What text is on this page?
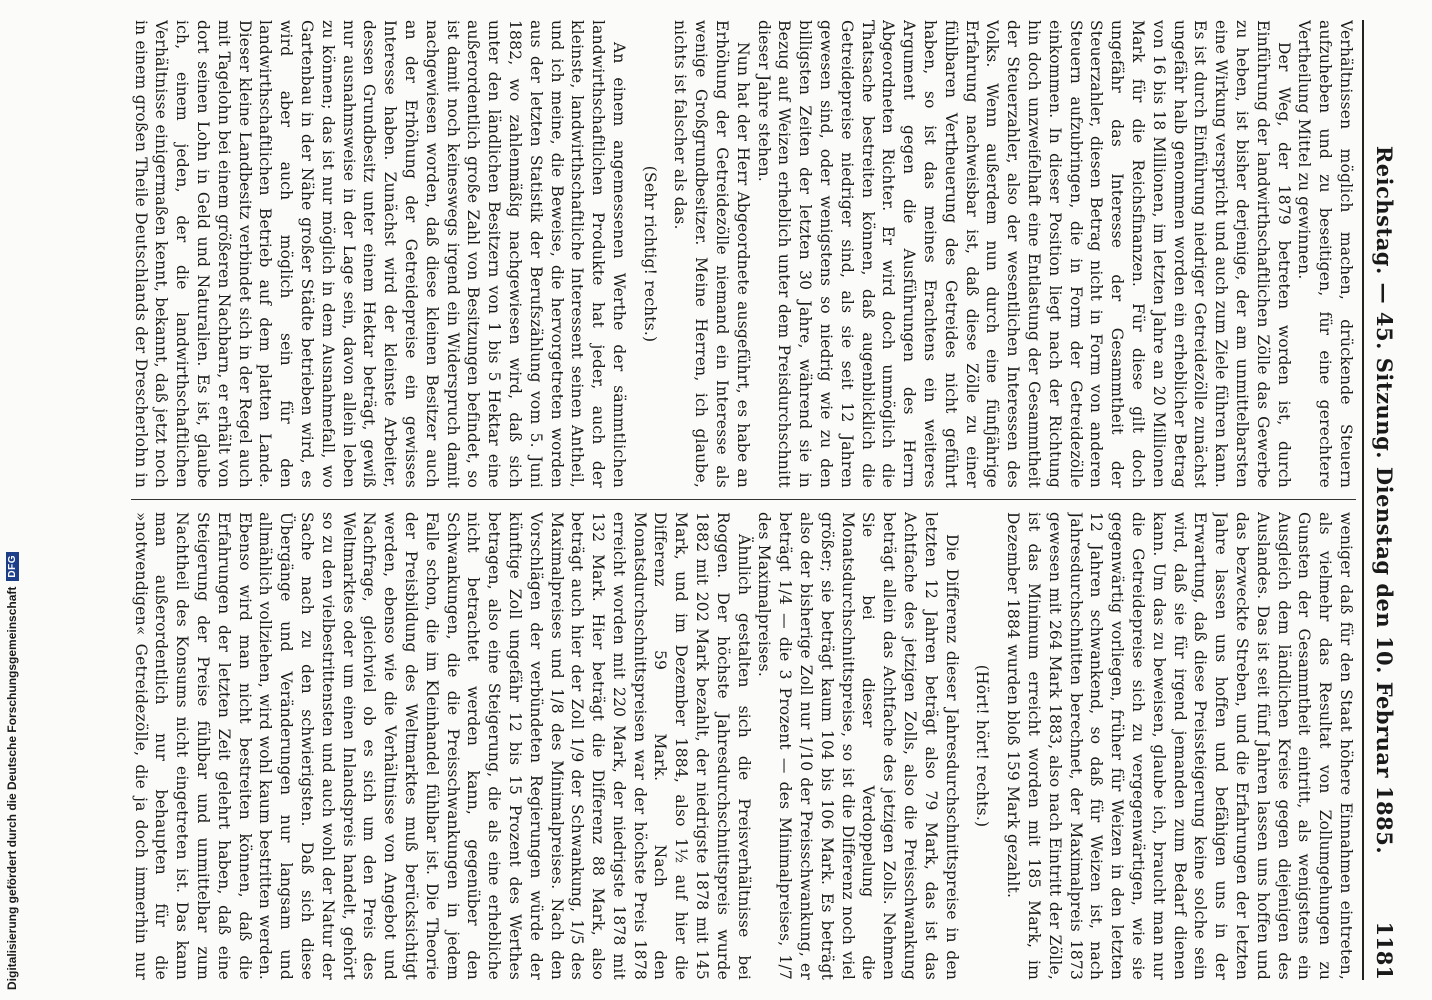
Reichstag. — 45. Sitzung. Dienstag den 10. Februar 1885.
1181

Verhältnissen möglich machen, drückende Steuern aufzuheben und zu beseitigen, für eine gerechtere Vertheilung Mittel zu gewinnen.

Der Weg, der 1879 betreten worden ist, durch Einführung der landwirthschaftlichen Zölle das Gewerbe zu heben, ist bisher derjenige, der am unmittelbarsten eine Wirkung verspricht und auch zum Ziele führen kann. Es ist durch Einführung niedriger Getreidezölle zunächst ungefähr halb genommen worden ein erheblicher Betrag von 16 bis 18 Millionen, im letzten Jahre an 20 Millionen Mark für die Reichsfinanzen. Für diese gilt doch ungefähr das Interesse der Gesammtheit der Steuerzahler, diesen Betrag nicht in Form von anderen Steuern aufzubringen, die in Form der Getreidezölle einkommen. In dieser Position liegt nach der Richtung hin doch unzweifelhaft eine Entlastung der Gesammtheit der Steuerzahler, also der wesentlichen Interessen des Volks. Wenn außerdem nun durch eine fünfjährige Erfahrung nachweisbar ist, daß diese Zölle zu einer fühlbaren Vertheuerung des Getreides nicht geführt haben, so ist das meines Erachtens ein weiteres Argument gegen die Ausführungen des Herrn Abgeordneten Richter. Er wird doch unmöglich die Thatsache bestreiten können, daß augenblicklich die Getreidepreise niedriger sind, als sie seit 12 Jahren gewesen sind, oder wenigstens so niedrig wie zu den billigsten Zeiten der letzten 30 Jahre, während sie in Bezug auf Weizen erheblich unter dem Preisdurchschnitt dieser Jahre stehen.

Nun hat der Herr Abgeordnete ausgeführt, es habe an Erhöhung der Getreidezölle niemand ein Interesse als wenige Großgrundbesitzer. Meine Herren, ich glaube, nichts ist falscher als das.

(Sehr richtig! rechts.)

An einem angemessenen Werthe der sämmtlichen landwirthschaftlichen Produkte hat jeder, auch der kleinste, landwirthschaftliche Interessent seinen Antheil, und ich meine, die Beweise, die hervorgetreten worden aus der letzten Statistik der Berufszählung vom 5. Juni 1882, wo zahlenmäßig nachgewiesen wird, daß sich unter den ländlichen Besitzern von 1 bis 5 Hektar eine außerordentlich große Zahl von Besitzungen befindet, so ist damit noch keineswegs irgend ein Widerspruch damit nachgewiesen worden, daß diese kleinen Besitzer auch an der Erhöhung der Getreidepreise ein gewisses Interesse haben. Zunächst wird der kleinste Arbeiter, dessen Grundbesitz unter einem Hektar beträgt, gewiß nur ausnahmsweise in der Lage sein, davon allein leben zu können; das ist nur möglich in dem Ausnahmefall, wo Gartenbau in der Nähe großer Städte betrieben wird, es wird aber auch möglich sein für den landwirthschaftlichen Betrieb auf dem platten Lande. Dieser kleine Landbesitz verbindet sich in der Regel auch mit Tagelohn bei einem größeren Nachbarn, er erhält von dort seinen Lohn in Geld und Naturalien. Es ist, glaube ich, einem jeden, der die landwirthschaftlichen Verhältnisse einigermaßen kennt, bekannt, daß jetzt noch in einem großen Theile Deutschlands der Drescherlohn in

weniger daß für den Staat höhere Einnahmen eintreten, als vielmehr das Resultat von Zollumgehungen zu Gunsten der Gesammtheit eintritt, als wenigstens ein Ausgleich dem ländlichen Kreise gegen diejenigen des Auslandes. Das ist seit fünf Jahren lassen uns hoffen und das bezweckte Streben, und die Erfahrungen der letzten Jahre lassen uns hoffen und befähigen uns in der Erwartung, daß diese Preissteigerung keine solche sein wird, daß sie für irgend jemanden zum Bedarf dienen kann. Um das zu beweisen, glaube ich, braucht man nur die Getreidepreise sich zu vergegenwärtigen, wie sie gegenwärtig vorliegen, früher für Weizen in den letzten 12 Jahren schwankend, so daß für Weizen ist, nach Jahresdurchschnitten berechnet, der Maximalpreis 1873 gewesen mit 264 Mark 1883, also nach Eintritt der Zölle, ist das Minimum erreicht worden mit 185 Mark, im Dezember 1884 wurden bloß 159 Mark gezahlt.

(Hört! hört! rechts.)

Die Differenz dieser Jahresdurchschnittspreise in den letzten 12 Jahren beträgt also 79 Mark, das ist das Achtfache des jetzigen Zolls, also die Preisschwankung beträgt allein das Achtfache des jetzigen Zolls. Nehmen Sie bei dieser Verdoppelung die Monatsdurchschnittspreise, so ist die Differenz noch viel größer; sie beträgt kaum 104 bis 106 Mark. Es beträgt also der bisherige Zoll nur 1/10 der Preisschwankung, er beträgt 1/4 — die 3 Prozent — des Minimalpreises, 1/7 des Maximalpreises.

Ähnlich gestalten sich die Preisverhältnisse bei Roggen. Der höchste Jahresdurchschnittspreis wurde 1882 mit 202 Mark bezahlt, der niedrigste 1878 mit 145 Mark, und im Dezember 1884, also 1½ auf hier die Differenz 59 Mark. Nach den Monatsdurchschnittspreisen war der höchste Preis 1878 erreicht worden mit 220 Mark, der niedrigste 1878 mit 132 Mark. Hier beträgt die Differenz 88 Mark, also beträgt auch hier der Zoll 1/9 der Schwankung, 1/5 des Maximalpreises und 1/8 des Minimalpreises. Nach den Vorschlägen der verbündeten Regierungen würde der künftige Zoll ungefähr 12 bis 15 Prozent des Werthes betragen, also eine Steigerung, die als eine erhebliche nicht betrachtet werden kann, gegenüber den Schwankungen, die die Preisschwankungen in jedem Falle schon, die im Kleinhandel fühlbar ist. Die Theorie der Preisbildung des Weltmarktes muß berücksichtigt werden, ebenso wie die Verhältnisse von Angebot und Nachfrage, gleichviel ob es sich um den Preis des Weltmarktes oder um einen Inlandspreis handelt, gehört so zu den vielbestrittensten und auch wohl der Natur der Sache nach zu den schwierigsten. Daß sich diese Übergänge und Veränderungen nur langsam und allmählich vollziehen, wird wohl kaum bestritten werden. Ebenso wird man nicht bestreiten können, daß die Erfahrungen der letzten Zeit gelehrt haben, daß eine Steigerung der Preise fühlbar und unmittelbar zum Nachtheil des Konsums nicht eingetreten ist. Das kann man außerordentlich nur behaupten für die »notwendigen« Getreidezölle, die ja doch immerhin nur

Digitalisierung gefördert durch die Deutsche Forschungsgemeinschaft
DFG
